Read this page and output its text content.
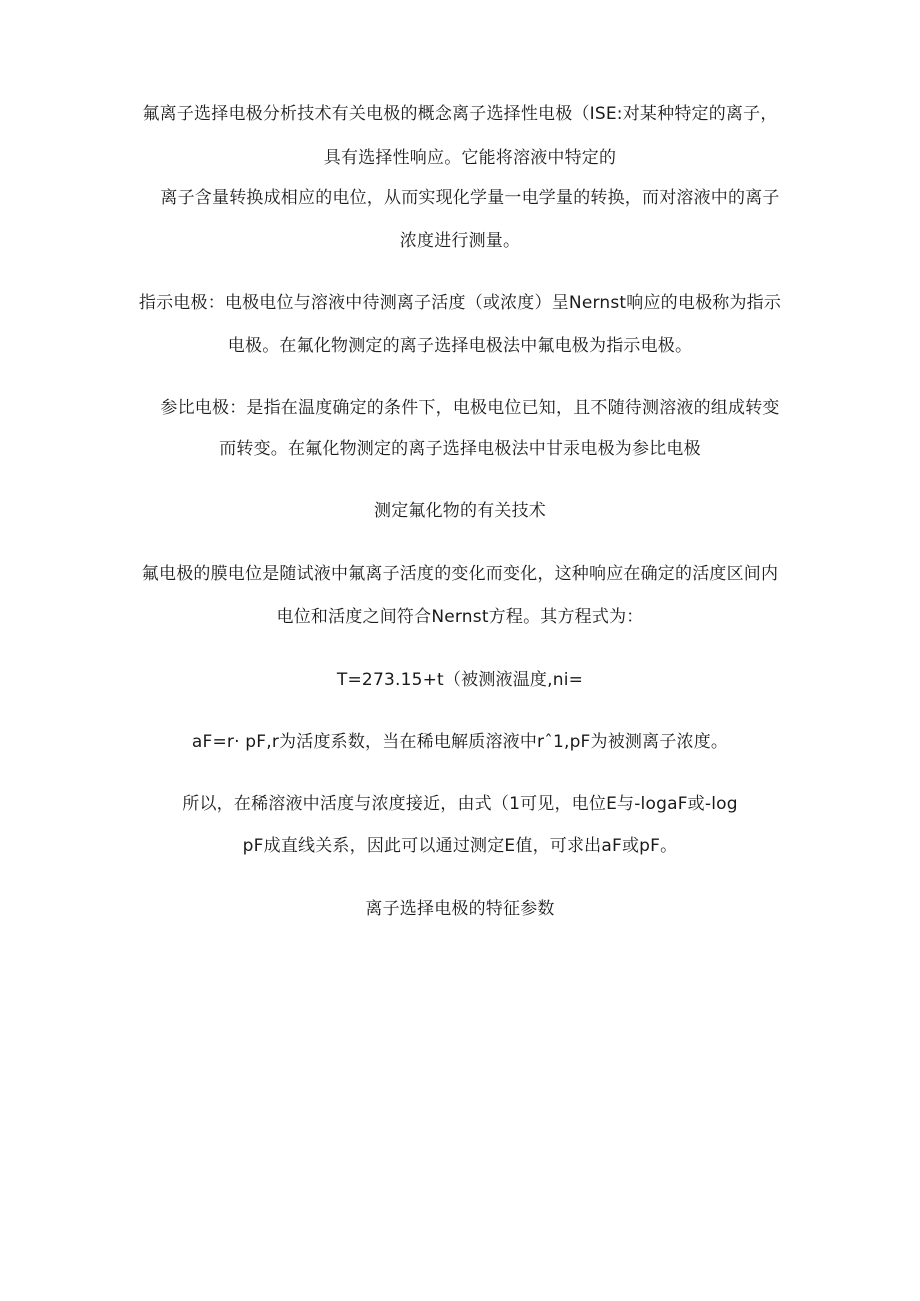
氟离子选择电极分析技术有关电极的概念离子选择性电极（ISE:对某种特定的离子，
具有选择性响应。它能将溶液中特定的
离子含量转换成相应的电位，从而实现化学量一电学量的转换，而对溶液中的离子
浓度进行测量。
指示电极：电极电位与溶液中待测离子活度（或浓度）呈Nernst响应的电极称为指示
电极。在氟化物测定的离子选择电极法中氟电极为指示电极。
参比电极：是指在温度确定的条件下，电极电位已知，且不随待测溶液的组成转变
而转变。在氟化物测定的离子选择电极法中甘汞电极为参比电极
测定氟化物的有关技术
氟电极的膜电位是随试液中氟离子活度的变化而变化，这种响应在确定的活度区间内
电位和活度之间符合Nernst方程。其方程式为：
T=273.15+t（被测液温度,ni=
aF=r· pF,r为活度系数，当在稀电解质溶液中rˆ1,pF为被测离子浓度。
所以，在稀溶液中活度与浓度接近，由式（1可见，电位E与-logaF或-log
pF成直线关系，因此可以通过测定E值，可求出aF或pF。
离子选择电极的特征参数
